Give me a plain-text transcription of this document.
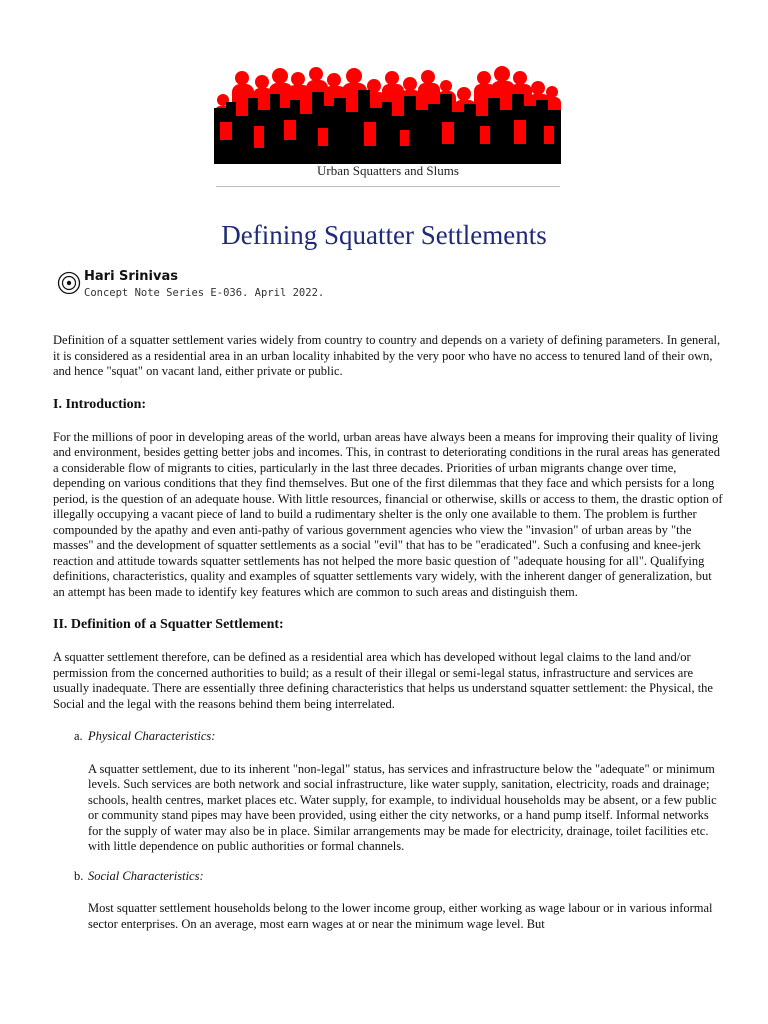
Urban Squatters and Slums
Defining Squatter Settlements
Hari Srinivas
Concept Note Series E-036. April 2022.

Definition of a squatter settlement varies widely from country to country and depends on a variety of defining parameters. In general, it is considered as a residential area in an urban locality inhabited by the very poor who have no access to tenured land of their own, and hence "squat" on vacant land, either private or public.

I. Introduction:

For the millions of poor in developing areas of the world, urban areas have always been a means for improving their quality of living and environment, besides getting better jobs and incomes. This, in contrast to deteriorating conditions in the rural areas has generated a considerable flow of migrants to cities, particularly in the last three decades. Priorities of urban migrants change over time, depending on various conditions that they find themselves. But one of the first dilemmas that they face and which persists for a long period, is the question of an adequate house. With little resources, financial or otherwise, skills or access to them, the drastic option of illegally occupying a vacant piece of land to build a rudimentary shelter is the only one available to them. The problem is further compounded by the apathy and even anti-pathy of various government agencies who view the "invasion" of urban areas by "the masses" and the development of squatter settlements as a social "evil" that has to be "eradicated". Such a confusing and knee-jerk reaction and attitude towards squatter settlements has not helped the more basic question of "adequate housing for all". Qualifying definitions, characteristics, quality and examples of squatter settlements vary widely, with the inherent danger of generalization, but an attempt has been made to identify key features which are common to such areas and distinguish them.

II. Definition of a Squatter Settlement:

A squatter settlement therefore, can be defined as a residential area which has developed without legal claims to the land and/or permission from the concerned authorities to build; as a result of their illegal or semi-legal status, infrastructure and services are usually inadequate. There are essentially three defining characteristics that helps us understand squatter settlement: the Physical, the Social and the legal with the reasons behind them being interrelated.

a. Physical Characteristics:
A squatter settlement, due to its inherent "non-legal" status, has services and infrastructure below the "adequate" or minimum levels. Such services are both network and social infrastructure, like water supply, sanitation, electricity, roads and drainage; schools, health centres, market places etc. Water supply, for example, to individual households may be absent, or a few public or community stand pipes may have been provided, using either the city networks, or a hand pump itself. Informal networks for the supply of water may also be in place. Similar arrangements may be made for electricity, drainage, toilet facilities etc. with little dependence on public authorities or formal channels.
b. Social Characteristics:
Most squatter settlement households belong to the lower income group, either working as wage labour or in various informal sector enterprises. On an average, most earn wages at or near the minimum wage level. But
